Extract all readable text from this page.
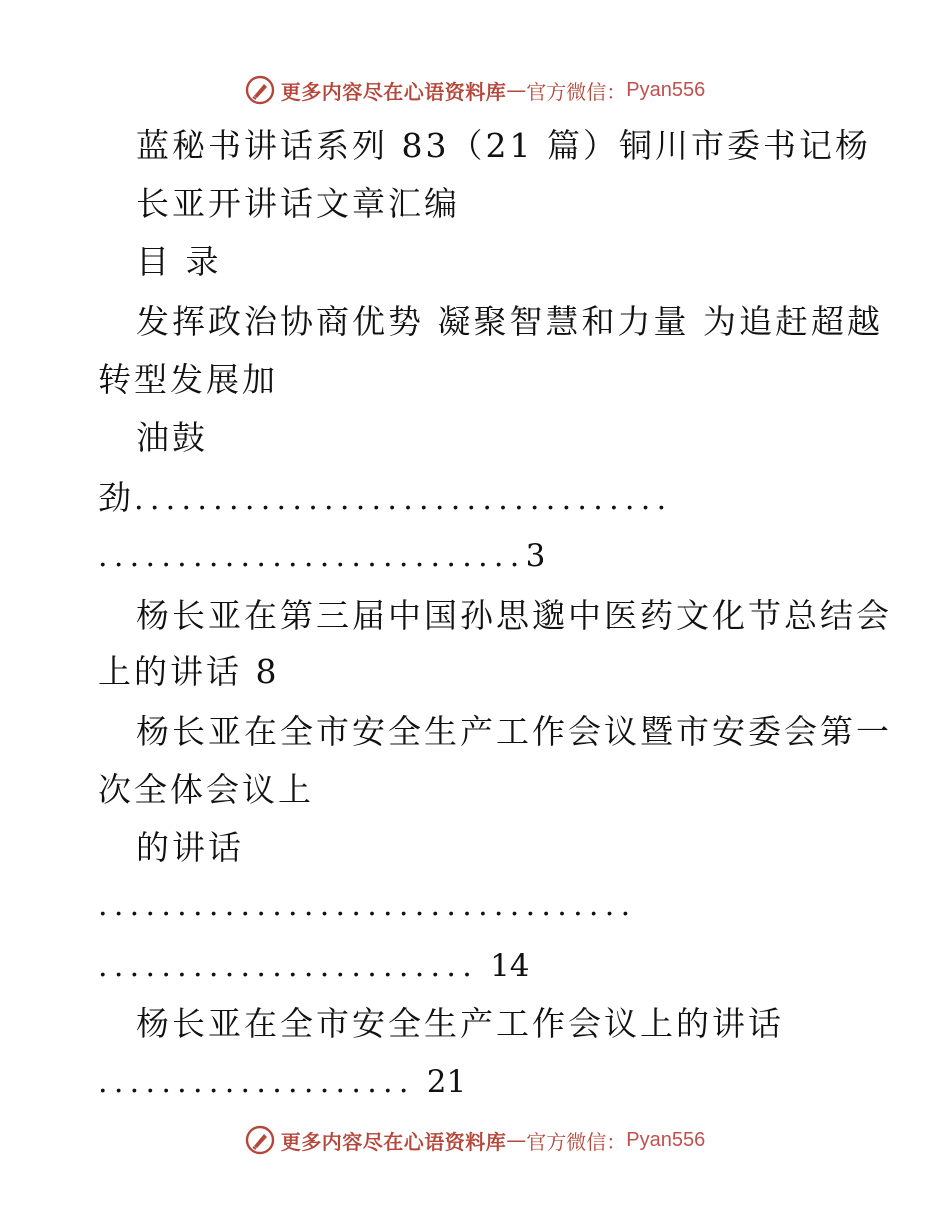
更多内容尽在心语资料库 — 官方微信： Pyan556
蓝秘书讲话系列 83（21 篇）铜川市委书记杨
长亚开讲话文章汇编
目 录
发挥政治协商优势 凝聚智慧和力量 为追赶超越
转型发展加
油鼓
劲..................................
...........................3
杨长亚在第三届中国孙思邈中医药文化节总结会
上的讲话 8
杨长亚在全市安全生产工作会议暨市安委会第一
次全体会议上
的讲话
..................................
........................ 14
杨长亚在全市安全生产工作会议上的讲话
.................... 21
更多内容尽在心语资料库 — 官方微信： Pyan556
